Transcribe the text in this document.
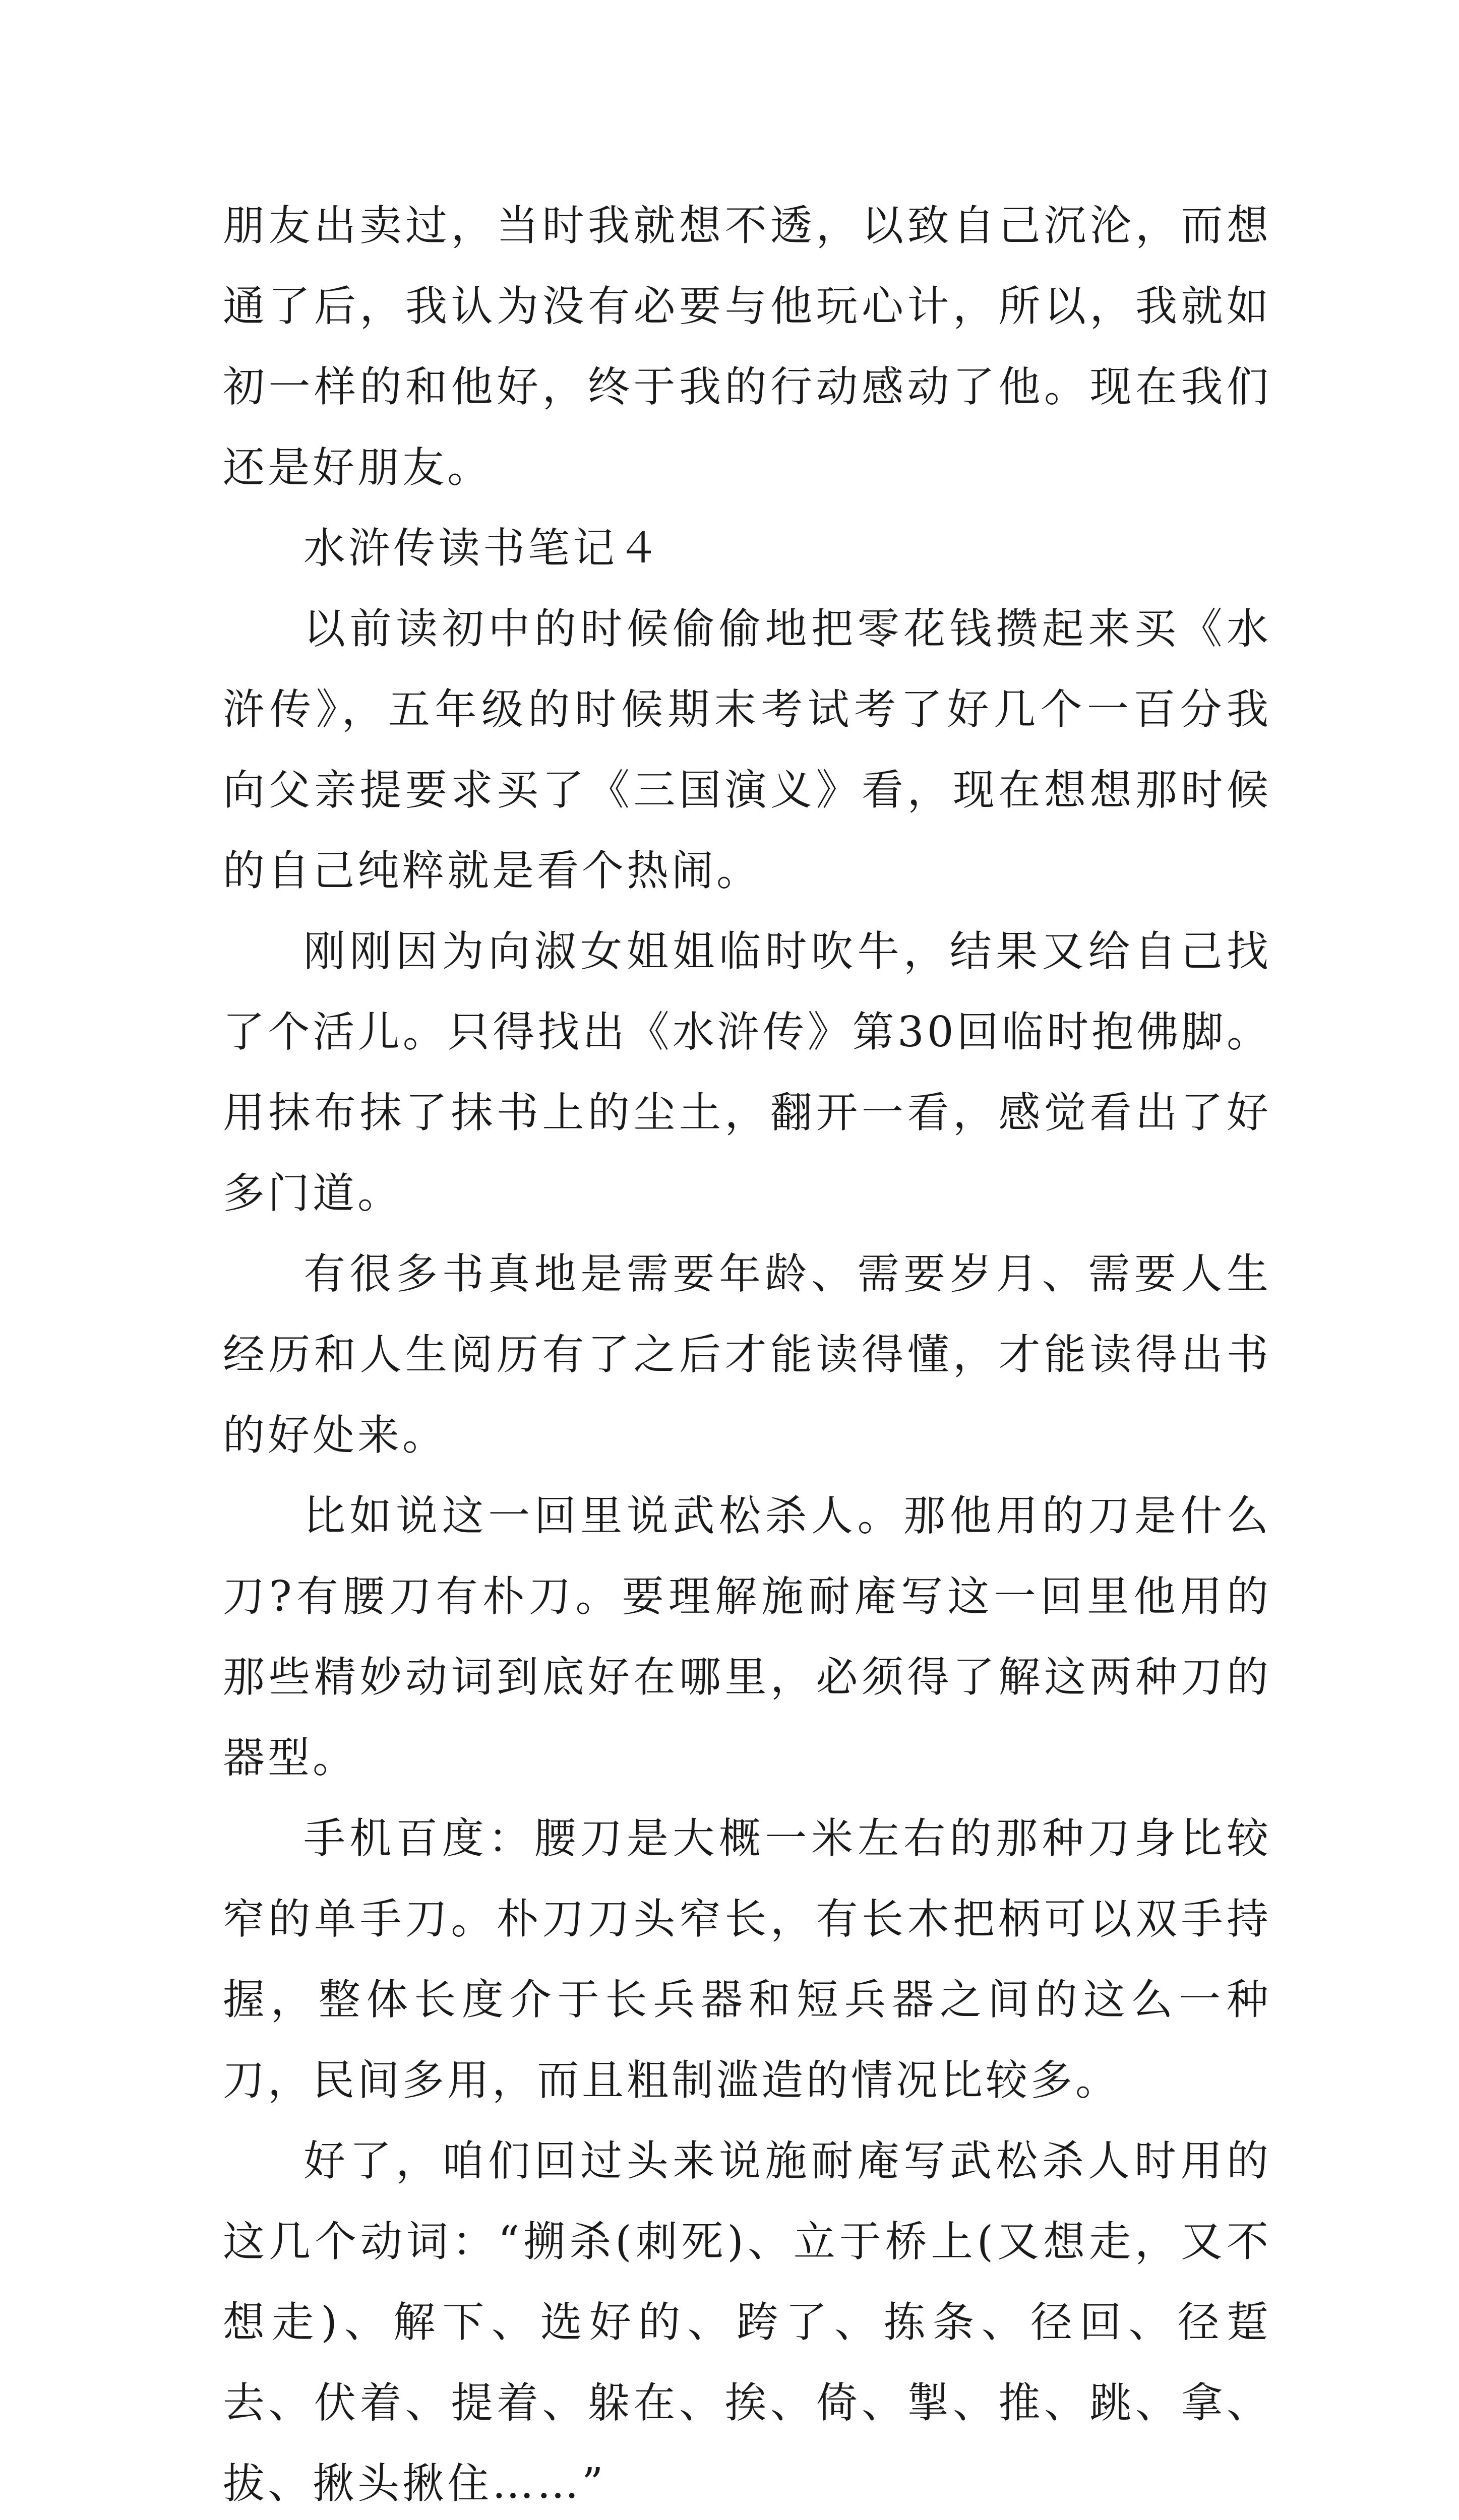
朋友出卖过，当时我就想不透，以致自己沉沦，而想通了后，我认为没有必要与他玩心计，所以，我就如初一样的和他好，终于我的行动感动了他。现在我们还是好朋友。

水浒传读书笔记４

以前读初中的时候偷偷地把零花钱攒起来买《水浒传》，五年级的时候期末考试考了好几个一百分我向父亲提要求买了《三国演义》看，现在想想那时候的自己纯粹就是看个热闹。

刚刚因为向淑女姐姐临时吹牛，结果又给自己找了个活儿。只得找出《水浒传》第30回临时抱佛脚。用抹布抹了抹书上的尘土，翻开一看，感觉看出了好多门道。

有很多书真地是需要年龄、需要岁月、需要人生经历和人生阅历有了之后才能读得懂，才能读得出书的好处来。

比如说这一回里说武松杀人。那他用的刀是什么刀?有腰刀有朴刀。要理解施耐庵写这一回里他用的那些精妙动词到底好在哪里，必须得了解这两种刀的器型。

手机百度：腰刀是大概一米左右的那种刀身比较窄的单手刀。朴刀刀头窄长，有长木把柄可以双手持握，整体长度介于长兵器和短兵器之间的这么一种刀，民间多用，而且粗制滥造的情况比较多。

好了，咱们回过头来说施耐庵写武松杀人时用的这几个动词：“搠杀(刺死)、立于桥上(又想走，又不想走)、解下、选好的、跨了、拣条、径回、径踅去、伏着、提着、躲在、挨、倚、掣、推、跳、拿、拔、揪头揪住……”
